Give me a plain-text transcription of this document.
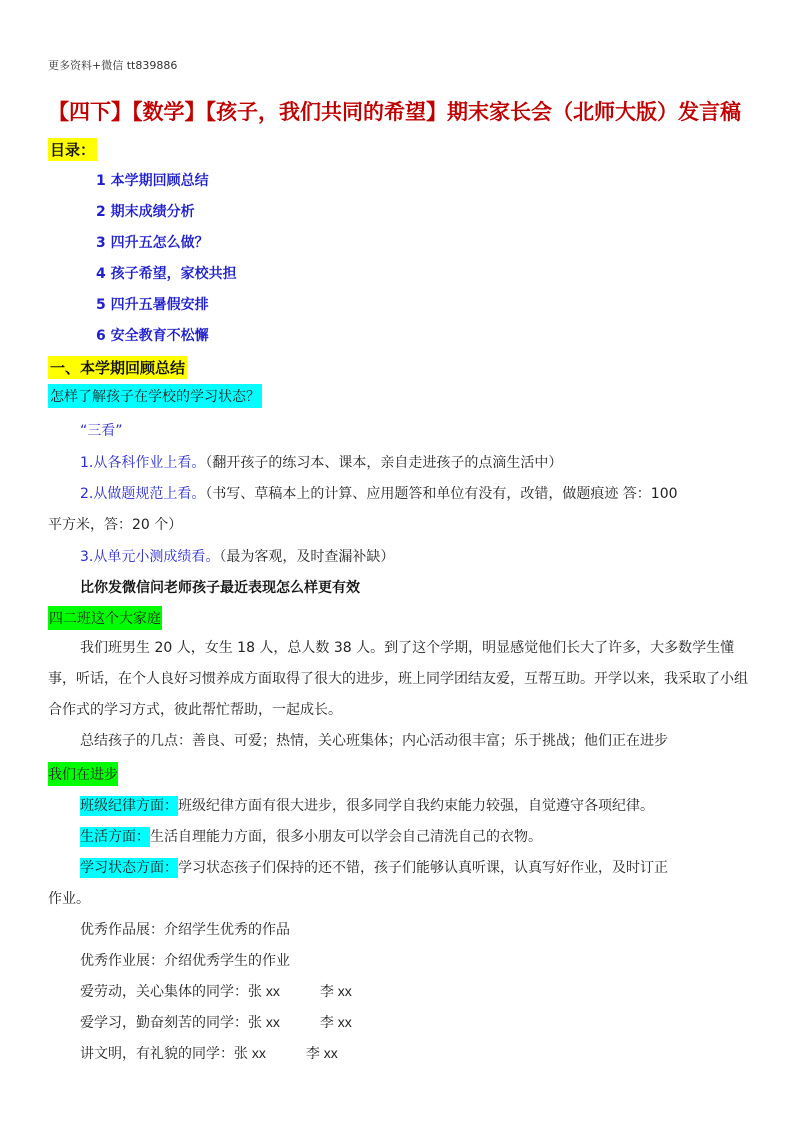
更多资料+微信 tt839886
【四下】【数学】【孩子，我们共同的希望】期末家长会（北师大版）发言稿
目录：
1 本学期回顾总结
2 期末成绩分析
3 四升五怎么做？
4 孩子希望，家校共担
5 四升五暑假安排
6 安全教育不松懈
一、本学期回顾总结
怎样了解孩子在学校的学习状态？
“三看”
1.从各科作业上看。（翻开孩子的练习本、课本，亲自走进孩子的点滴生活中）
2.从做题规范上看。（书写、草稿本上的计算、应用题答和单位有没有，改错，做题痕迹 答：100
平方米，答：20 个）
3.从单元小测成绩看。（最为客观，及时查漏补缺）
比你发微信问老师孩子最近表现怎么样更有效
四二班这个大家庭
我们班男生 20 人，女生 18 人，总人数 38 人。到了这个学期，明显感觉他们长大了许多，大多数学生懂事，听话，在个人良好习惯养成方面取得了很大的进步，班上同学团结友爱，互帮互助。开学以来，我采取了小组合作式的学习方式，彼此帮忙帮助，一起成长。
总结孩子的几点：善良、可爱；热情，关心班集体；内心活动很丰富；乐于挑战；他们正在进步
我们在进步
班级纪律方面：班级纪律方面有很大进步，很多同学自我约束能力较强，自觉遵守各项纪律。
生活方面：生活自理能力方面，很多小朋友可以学会自己清洗自己的衣物。
学习状态方面：学习状态孩子们保持的还不错，孩子们能够认真听课，认真写好作业，及时订正
作业。
优秀作品展：介绍学生优秀的作品
优秀作业展：介绍优秀学生的作业
爱劳动，关心集体的同学：张 xx	李 xx
爱学习，勤奋刻苦的同学：张 xx	李 xx
讲文明，有礼貌的同学：张 xx	李 xx
